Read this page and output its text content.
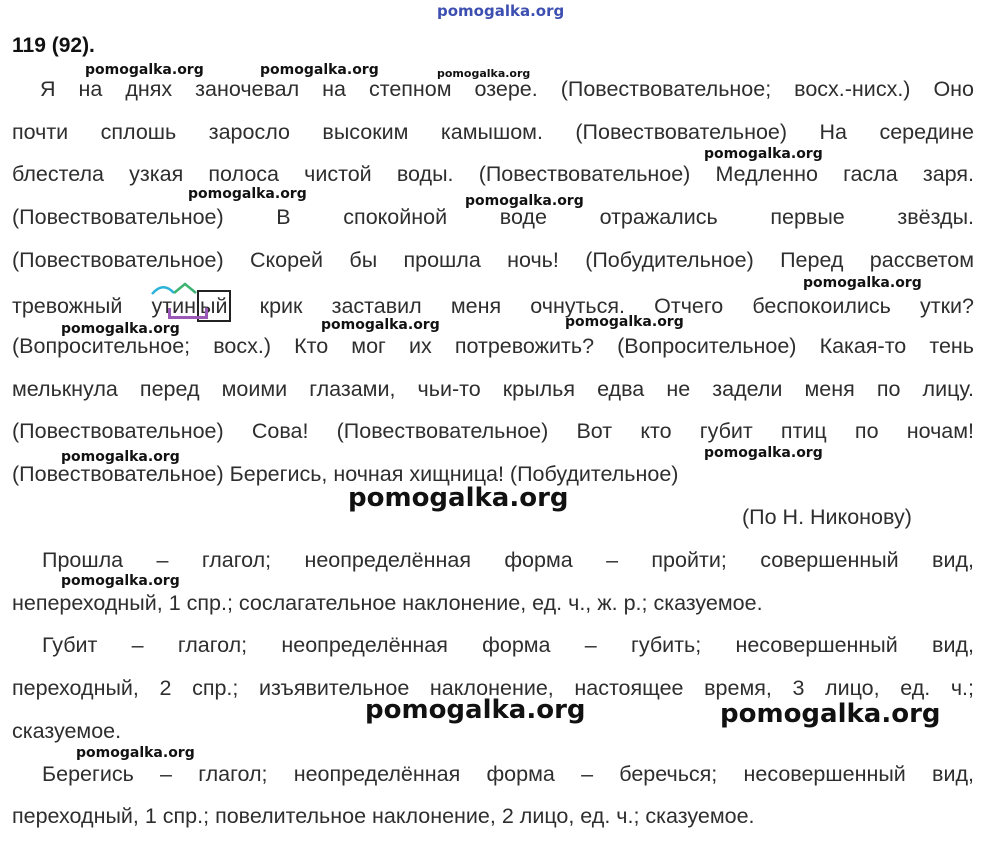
pomogalka.org
pomogalka.org	pomogalka.org	pomogalka.org
pomogalka.org
pomogalka.org	pomogalka.org
pomogalka.org
pomogalka.org
pomogalka.org	pomogalka.org
pomogalka.org	pomogalka.org
pomogalka.org
pomogalka.org
pomogalka.org	pomogalka.org
pomogalka.org
119 (92).
Я на днях заночевал на степном озере. (Повествовательное; восх.-нисх.) Оно
почти сплошь заросло высоким камышом. (Повествовательное) На середине
блестела узкая полоса чистой воды. (Повествовательное) Медленно гасла заря.
(Повествовательное) В спокойной воде отражались первые звёзды.
(Повествовательное) Скорей бы прошла ночь! (Побудительное) Перед рассветом
тревожный
утин ый крик заставил меня очнуться. Отчего беспокоились утки?
(Вопросительное; восх.) Кто мог их потревожить? (Вопросительное) Какая-то тень
мелькнула перед моими глазами, чьи-то крылья едва не задели меня по лицу.
(Повествовательное) Сова! (Повествовательное) Вот кто губит птиц по ночам!
(Повествовательное) Берегись, ночная хищница! (Побудительное)
(По Н. Никонову)
Прошла – глагол; неопределённая форма – пройти; совершенный вид,
непереходный, 1 спр.; сослагательное наклонение, ед. ч., ж. р.; сказуемое.
Губит – глагол; неопределённая форма – губить; несовершенный вид,
переходный, 2 спр.; изъявительное наклонение, настоящее время, 3 лицо, ед. ч.;
сказуемое.
Берегись – глагол; неопределённая форма – беречься; несовершенный вид,
переходный, 1 спр.; повелительное наклонение, 2 лицо, ед. ч.; сказуемое.
